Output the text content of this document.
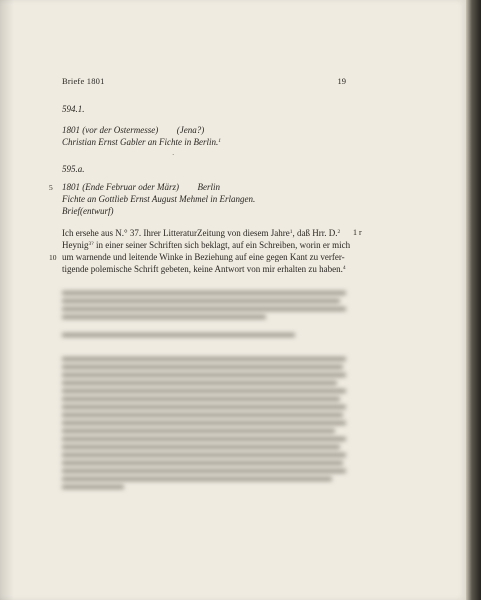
Briefe 1801	19
594.1.
1801 (vor der Ostermesse) (Jena?)
Christian Ernst Gabler an Fichte in Berlin.$^1$
·
595.a.
5 1801 (Ende Februar oder März) Berlin
Fichte an Gottlieb Ernst August Mehmel in Erlangen.
Brief(entwurf)
Ich ersehe aus N.° 37. Ihrer LitteraturZeitung von diesem Jahre$^1$, daß Hrr. D.$^2$	1 r
Heynig$^{3?}$ in einer seiner Schriften sich beklagt, auf ein Schreiben, worin er mich
10 um warnende und leitende Winke in Beziehung auf eine gegen Kant zu verfer-
tigende polemische Schrift gebeten, keine Antwort von mir erhalten zu haben.$^4$
